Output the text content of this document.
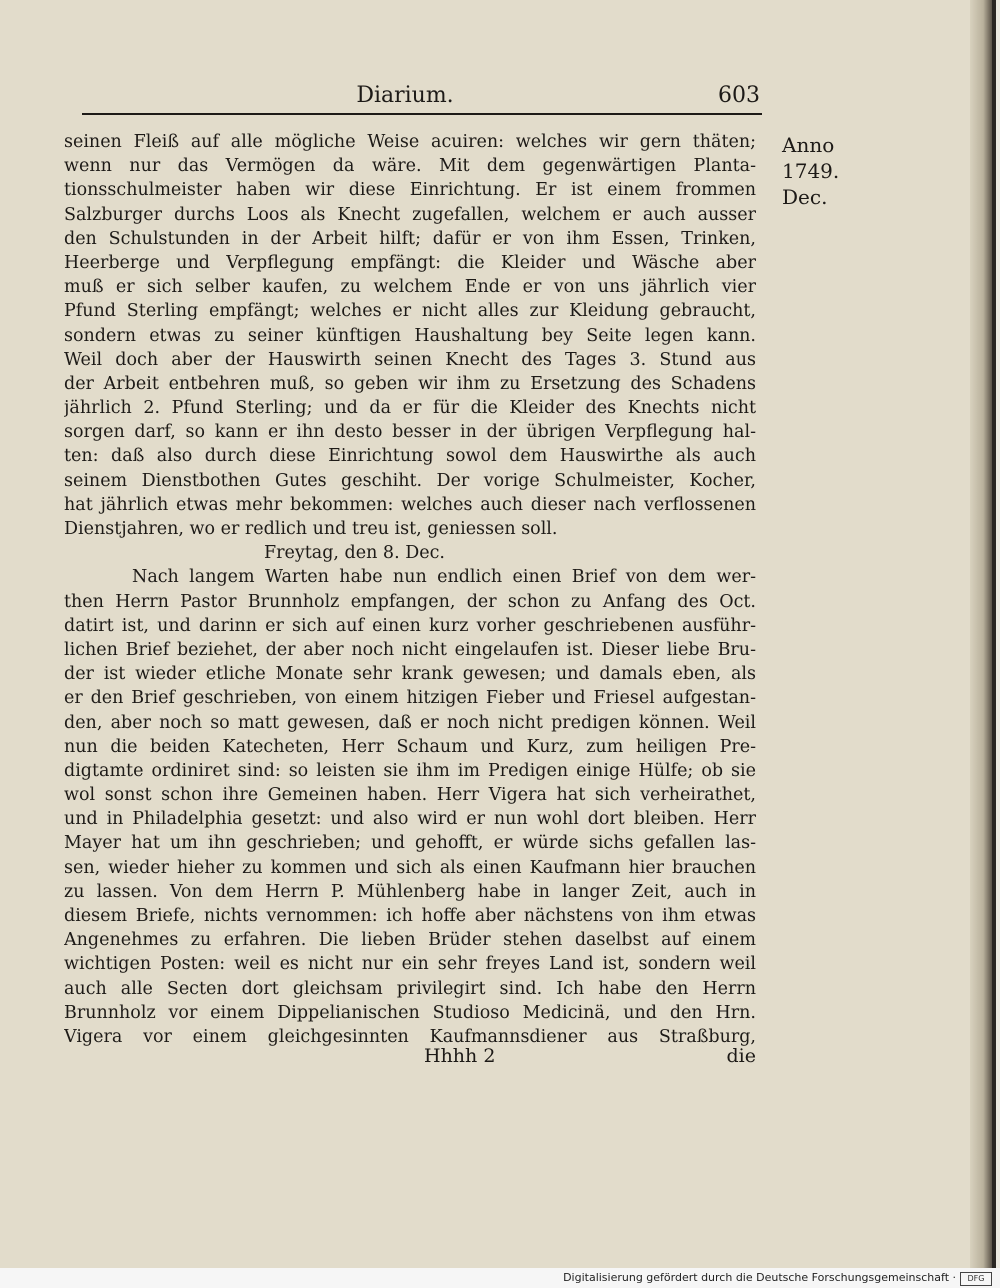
Diarium.	603
Anno
1749.
Dec.
seinen Fleiß auf alle mögliche Weise acuiren: welches wir gern thäten;
wenn nur das Vermögen da wäre. Mit dem gegenwärtigen Planta-
tionsschulmeister haben wir diese Einrichtung. Er ist einem frommen
Salzburger durchs Loos als Knecht zugefallen, welchem er auch ausser
den Schulstunden in der Arbeit hilft; dafür er von ihm Essen, Trinken,
Heerberge und Verpflegung empfängt: die Kleider und Wäsche aber
muß er sich selber kaufen, zu welchem Ende er von uns jährlich vier
Pfund Sterling empfängt; welches er nicht alles zur Kleidung gebraucht,
sondern etwas zu seiner künftigen Haushaltung bey Seite legen kann.
Weil doch aber der Hauswirth seinen Knecht des Tages 3. Stund aus
der Arbeit entbehren muß, so geben wir ihm zu Ersetzung des Schadens
jährlich 2. Pfund Sterling; und da er für die Kleider des Knechts nicht
sorgen darf, so kann er ihn desto besser in der übrigen Verpflegung hal-
ten: daß also durch diese Einrichtung sowol dem Hauswirthe als auch
seinem Dienstbothen Gutes geschiht. Der vorige Schulmeister, Kocher,
hat jährlich etwas mehr bekommen: welches auch dieser nach verflossenen
Dienstjahren, wo er redlich und treu ist, geniessen soll.
Freytag, den 8. Dec.
Nach langem Warten habe nun endlich einen Brief von dem wer-
then Herrn Pastor Brunnholz empfangen, der schon zu Anfang des Oct.
datirt ist, und darinn er sich auf einen kurz vorher geschriebenen ausführ-
lichen Brief beziehet, der aber noch nicht eingelaufen ist. Dieser liebe Bru-
der ist wieder etliche Monate sehr krank gewesen; und damals eben, als
er den Brief geschrieben, von einem hitzigen Fieber und Friesel aufgestan-
den, aber noch so matt gewesen, daß er noch nicht predigen können. Weil
nun die beiden Katecheten, Herr Schaum und Kurz, zum heiligen Pre-
digtamte ordiniret sind: so leisten sie ihm im Predigen einige Hülfe; ob sie
wol sonst schon ihre Gemeinen haben. Herr Vigera hat sich verheirathet,
und in Philadelphia gesetzt: und also wird er nun wohl dort bleiben. Herr
Mayer hat um ihn geschrieben; und gehofft, er würde sichs gefallen las-
sen, wieder hieher zu kommen und sich als einen Kaufmann hier brauchen
zu lassen. Von dem Herrn P. Mühlenberg habe in langer Zeit, auch in
diesem Briefe, nichts vernommen: ich hoffe aber nächstens von ihm etwas
Angenehmes zu erfahren. Die lieben Brüder stehen daselbst auf einem
wichtigen Posten: weil es nicht nur ein sehr freyes Land ist, sondern weil
auch alle Secten dort gleichsam privilegirt sind. Ich habe den Herrn
Brunnholz vor einem Dippelianischen Studioso Medicinä, und den Hrn.
Vigera vor einem gleichgesinnten Kaufmannsdiener aus Straßburg,
Hhhh 2	die
Digitalisierung gefördert durch die Deutsche Forschungsgemeinschaft ·	DFG
